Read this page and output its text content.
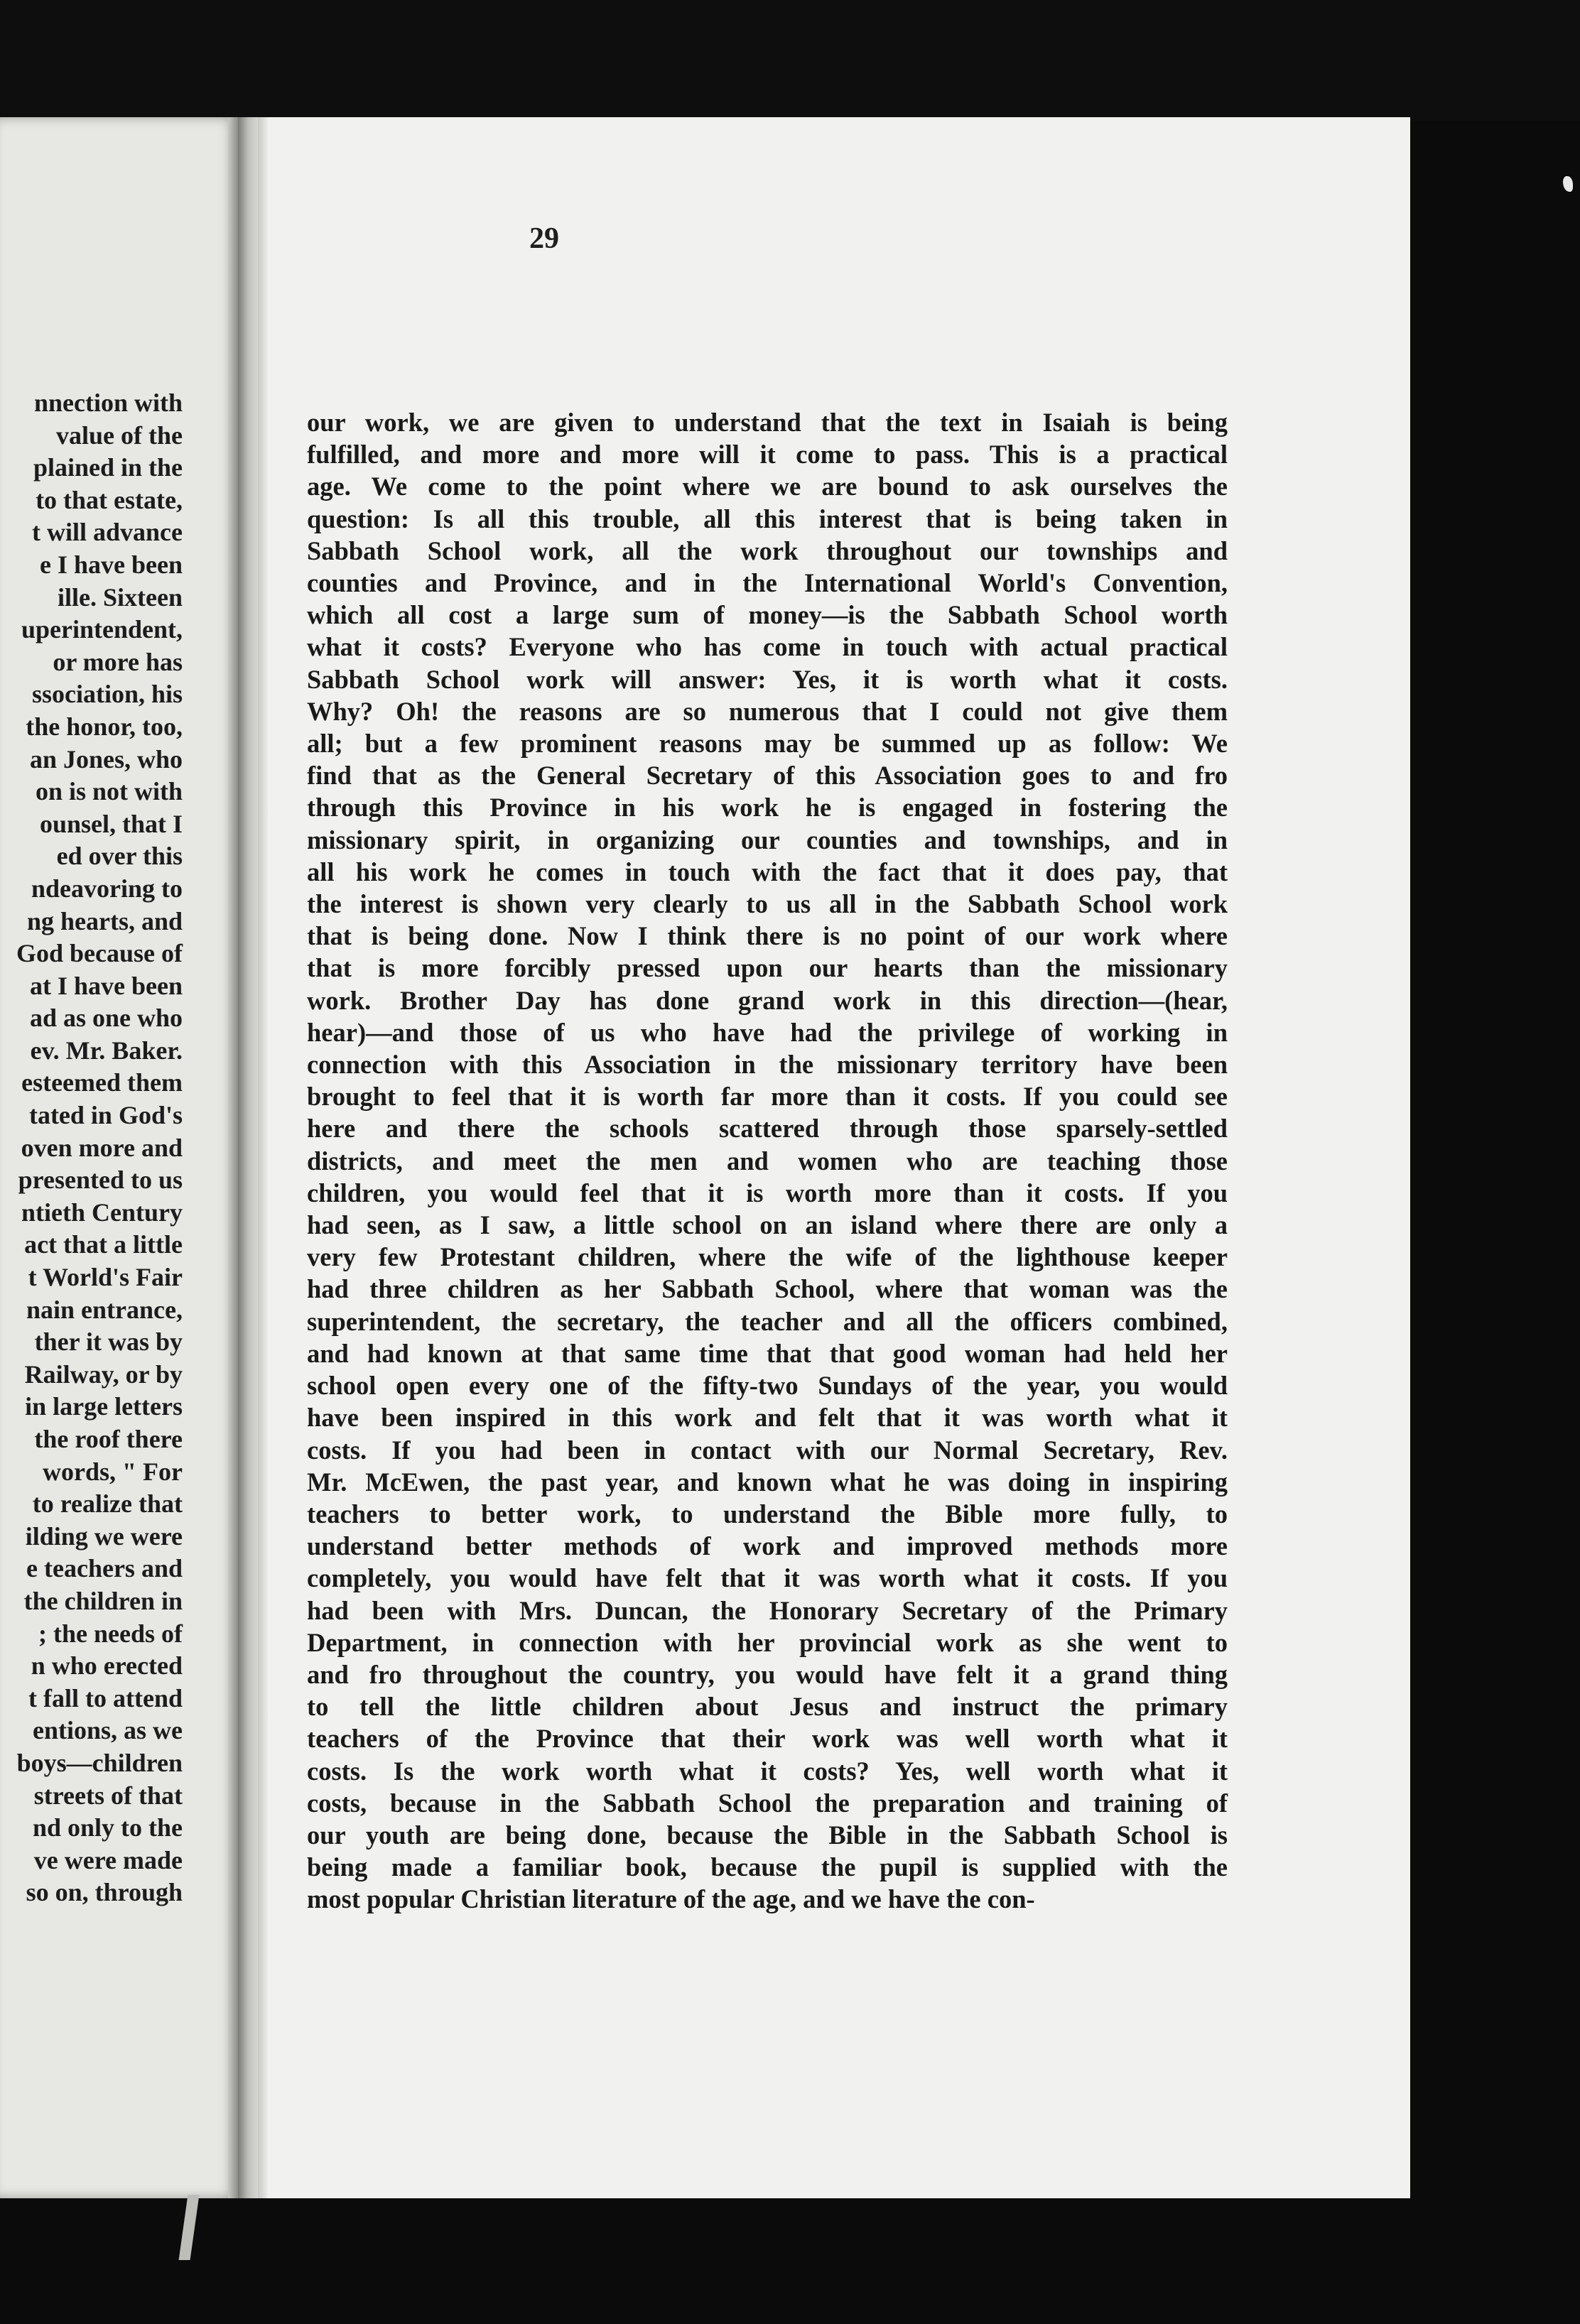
nnection with
value of the
plained in the
to that estate,
t will advance
e I have been
ille. Sixteen
uperintendent,
or more has
ssociation, his
the honor, too,
an Jones, who
on is not with
ounsel, that I
ed over this
ndeavoring to
ng hearts, and
God because of
at I have been
ad as one who
ev. Mr. Baker.
esteemed them
tated in God's
oven more and
presented to us
ntieth Century
act that a little
t World's Fair
nain entrance,
ther it was by
Railway, or by
in large letters
the roof there
words, " For
to realize that
ilding we were
e teachers and
the children in
; the needs of
n who erected
t fall to attend
entions, as we
boys—children
streets of that
nd only to the
ve were made
so on, through
29
our work, we are given to understand that the text in Isaiah is being
fulfilled, and more and more will it come to pass. This is a practical
age. We come to the point where we are bound to ask ourselves the
question: Is all this trouble, all this interest that is being taken in
Sabbath School work, all the work throughout our townships and
counties and Province, and in the International World's Convention,
which all cost a large sum of money—is the Sabbath School worth
what it costs? Everyone who has come in touch with actual practical
Sabbath School work will answer: Yes, it is worth what it costs.
Why? Oh! the reasons are so numerous that I could not give them
all; but a few prominent reasons may be summed up as follow: We
find that as the General Secretary of this Association goes to and fro
through this Province in his work he is engaged in fostering the
missionary spirit, in organizing our counties and townships, and in
all his work he comes in touch with the fact that it does pay, that
the interest is shown very clearly to us all in the Sabbath School work
that is being done. Now I think there is no point of our work where
that is more forcibly pressed upon our hearts than the missionary
work. Brother Day has done grand work in this direction—(hear,
hear)—and those of us who have had the privilege of working in
connection with this Association in the missionary territory have been
brought to feel that it is worth far more than it costs. If you could see
here and there the schools scattered through those sparsely-settled
districts, and meet the men and women who are teaching those
children, you would feel that it is worth more than it costs. If you
had seen, as I saw, a little school on an island where there are only a
very few Protestant children, where the wife of the lighthouse keeper
had three children as her Sabbath School, where that woman was the
superintendent, the secretary, the teacher and all the officers combined,
and had known at that same time that that good woman had held her
school open every one of the fifty-two Sundays of the year, you would
have been inspired in this work and felt that it was worth what it
costs. If you had been in contact with our Normal Secretary, Rev.
Mr. McEwen, the past year, and known what he was doing in inspiring
teachers to better work, to understand the Bible more fully, to
understand better methods of work and improved methods more
completely, you would have felt that it was worth what it costs. If you
had been with Mrs. Duncan, the Honorary Secretary of the Primary
Department, in connection with her provincial work as she went to
and fro throughout the country, you would have felt it a grand thing
to tell the little children about Jesus and instruct the primary
teachers of the Province that their work was well worth what it
costs. Is the work worth what it costs? Yes, well worth what it
costs, because in the Sabbath School the preparation and training of
our youth are being done, because the Bible in the Sabbath School is
being made a familiar book, because the pupil is supplied with the
most popular Christian literature of the age, and we have the con-
